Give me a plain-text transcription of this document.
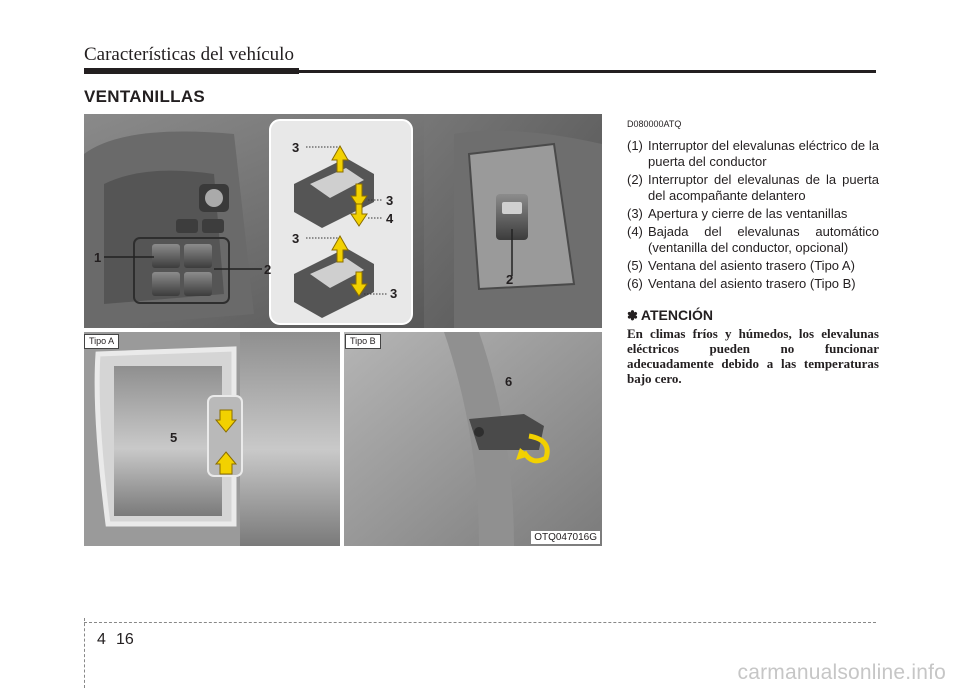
Características del vehículo
VENTANILLAS
1
2
3
3
4
3
3
2
5
6
Tipo A	Tipo B
OTQ047016G
D080000ATQ
(1) Interruptor del elevalunas eléctrico de la puerta del conductor
(2) Interruptor del elevalunas de la puerta del acompañante delantero
(3) Apertura y cierre de las ventanillas
(4) Bajada del elevalunas automático (ventanilla del conductor, opcional)
(5) Ventana del asiento trasero (Tipo A)
(6) Ventana del asiento trasero (Tipo B)
✽ ATENCIÓN
En climas fríos y húmedos, los elevalunas eléctricos pueden no funcionar adecuadamente debido a las temperaturas bajo cero.
4 16
carmanualsonline.info
